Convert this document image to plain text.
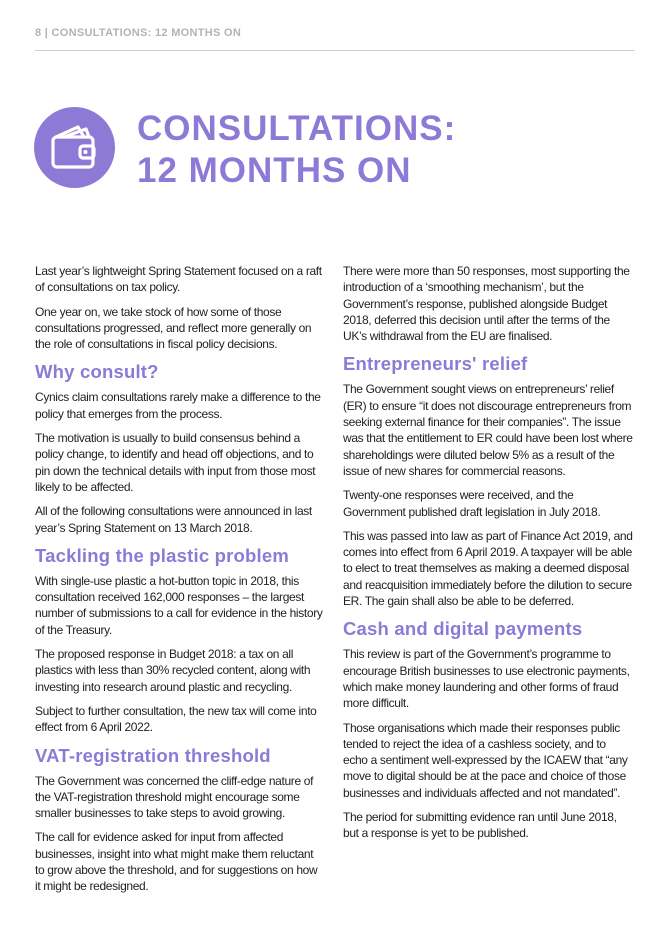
8 | CONSULTATIONS: 12 MONTHS ON
CONSULTATIONS:
12 MONTHS ON

Last year’s lightweight Spring Statement focused on a raft of consultations on tax policy.

One year on, we take stock of how some of those consultations progressed, and reflect more generally on the role of consultations in fiscal policy decisions.

Why consult?

Cynics claim consultations rarely make a difference to the policy that emerges from the process.

The motivation is usually to build consensus behind a policy change, to identify and head off objections, and to pin down the technical details with input from those most likely to be affected.

All of the following consultations were announced in last year’s Spring Statement on 13 March 2018.

Tackling the plastic problem

With single-use plastic a hot-button topic in 2018, this consultation received 162,000 responses – the largest number of submissions to a call for evidence in the history of the Treasury.

The proposed response in Budget 2018: a tax on all plastics with less than 30% recycled content, along with investing into research around plastic and recycling.

Subject to further consultation, the new tax will come into effect from 6 April 2022.

VAT-registration threshold

The Government was concerned the cliff-edge nature of the VAT-registration threshold might encourage some smaller businesses to take steps to avoid growing.

The call for evidence asked for input from affected businesses, insight into what might make them reluctant to grow above the threshold, and for suggestions on how it might be redesigned.

There were more than 50 responses, most supporting the introduction of a ‘smoothing mechanism’, but the Government’s response, published alongside Budget 2018, deferred this decision until after the terms of the UK’s withdrawal from the EU are finalised.

Entrepreneurs' relief

The Government sought views on entrepreneurs’ relief (ER) to ensure “it does not discourage entrepreneurs from seeking external finance for their companies”. The issue was that the entitlement to ER could have been lost where shareholdings were diluted below 5% as a result of the issue of new shares for commercial reasons.

Twenty-one responses were received, and the Government published draft legislation in July 2018.

This was passed into law as part of Finance Act 2019, and comes into effect from 6 April 2019. A taxpayer will be able to elect to treat themselves as making a deemed disposal and reacquisition immediately before the dilution to secure ER. The gain shall also be able to be deferred.

Cash and digital payments

This review is part of the Government’s programme to encourage British businesses to use electronic payments, which make money laundering and other forms of fraud more difficult.

Those organisations which made their responses public tended to reject the idea of a cashless society, and to echo a sentiment well-expressed by the ICAEW that “any move to digital should be at the pace and choice of those businesses and individuals affected and not mandated”.

The period for submitting evidence ran until June 2018, but a response is yet to be published.
